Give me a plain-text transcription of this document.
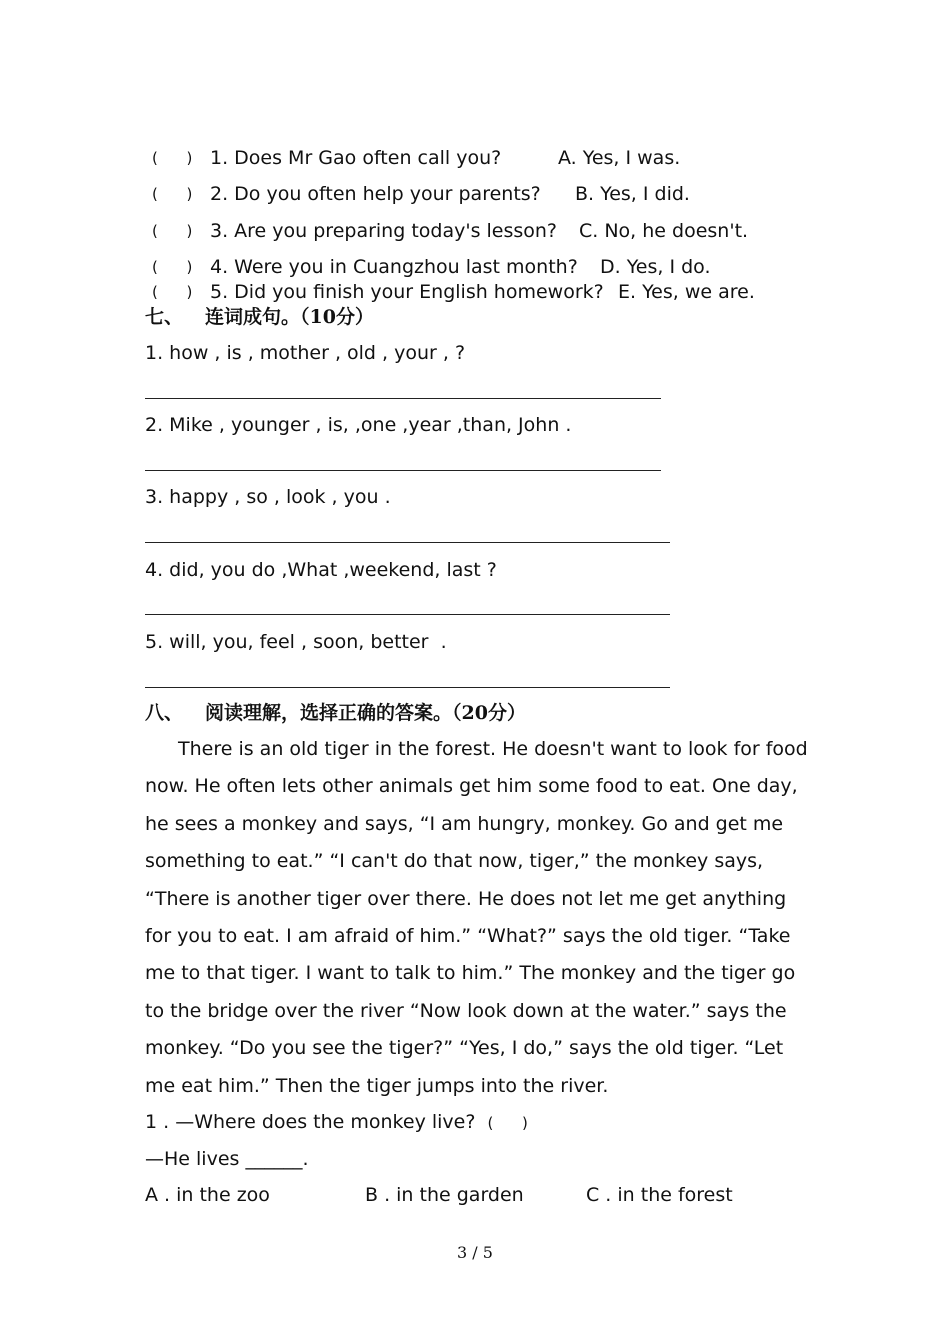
(      ) 1. Does Mr Gao often call you?	A. Yes, I was.
(      ) 2. Do you often help your parents? B. Yes, I did.
(      ) 3. Are you preparing today's lesson? C. No, he doesn't.
(      ) 4. Were you in Cuangzhou last month? D. Yes, I do.
(      ) 5. Did you finish your English homework? E. Yes, we are.
七、 连词成句。（10分）
1. how , is , mother , old , your , ?
2. Mike , younger , is, ,one ,year ,than, John .
3. happy , so , look , you .
4. did, you do ,What ,weekend, last ?
5. will, you, feel , soon, better  .
八、 阅读理解，选择正确的答案。（20分）
There is an old tiger in the forest. He doesn't want to look for food now. He often lets other animals get him some food to eat. One day, he sees a monkey and says, “I am hungry, monkey. Go and get me something to eat.” “I can't do that now, tiger,” the monkey says, “There is another tiger over there. He does not let me get anything for you to eat. I am afraid of him.” “What?” says the old tiger. “Take me to that tiger. I want to talk to him.” The monkey and the tiger go to the bridge over the river “Now look down at the water.” says the monkey. “Do you see the tiger?” “Yes, I do,” says the old tiger. “Let me eat him.” Then the tiger jumps into the river.
1 . —Where does the monkey live? (      )
—He lives ______.
A . in the zoo	B . in the garden	C . in the forest
3 / 5
